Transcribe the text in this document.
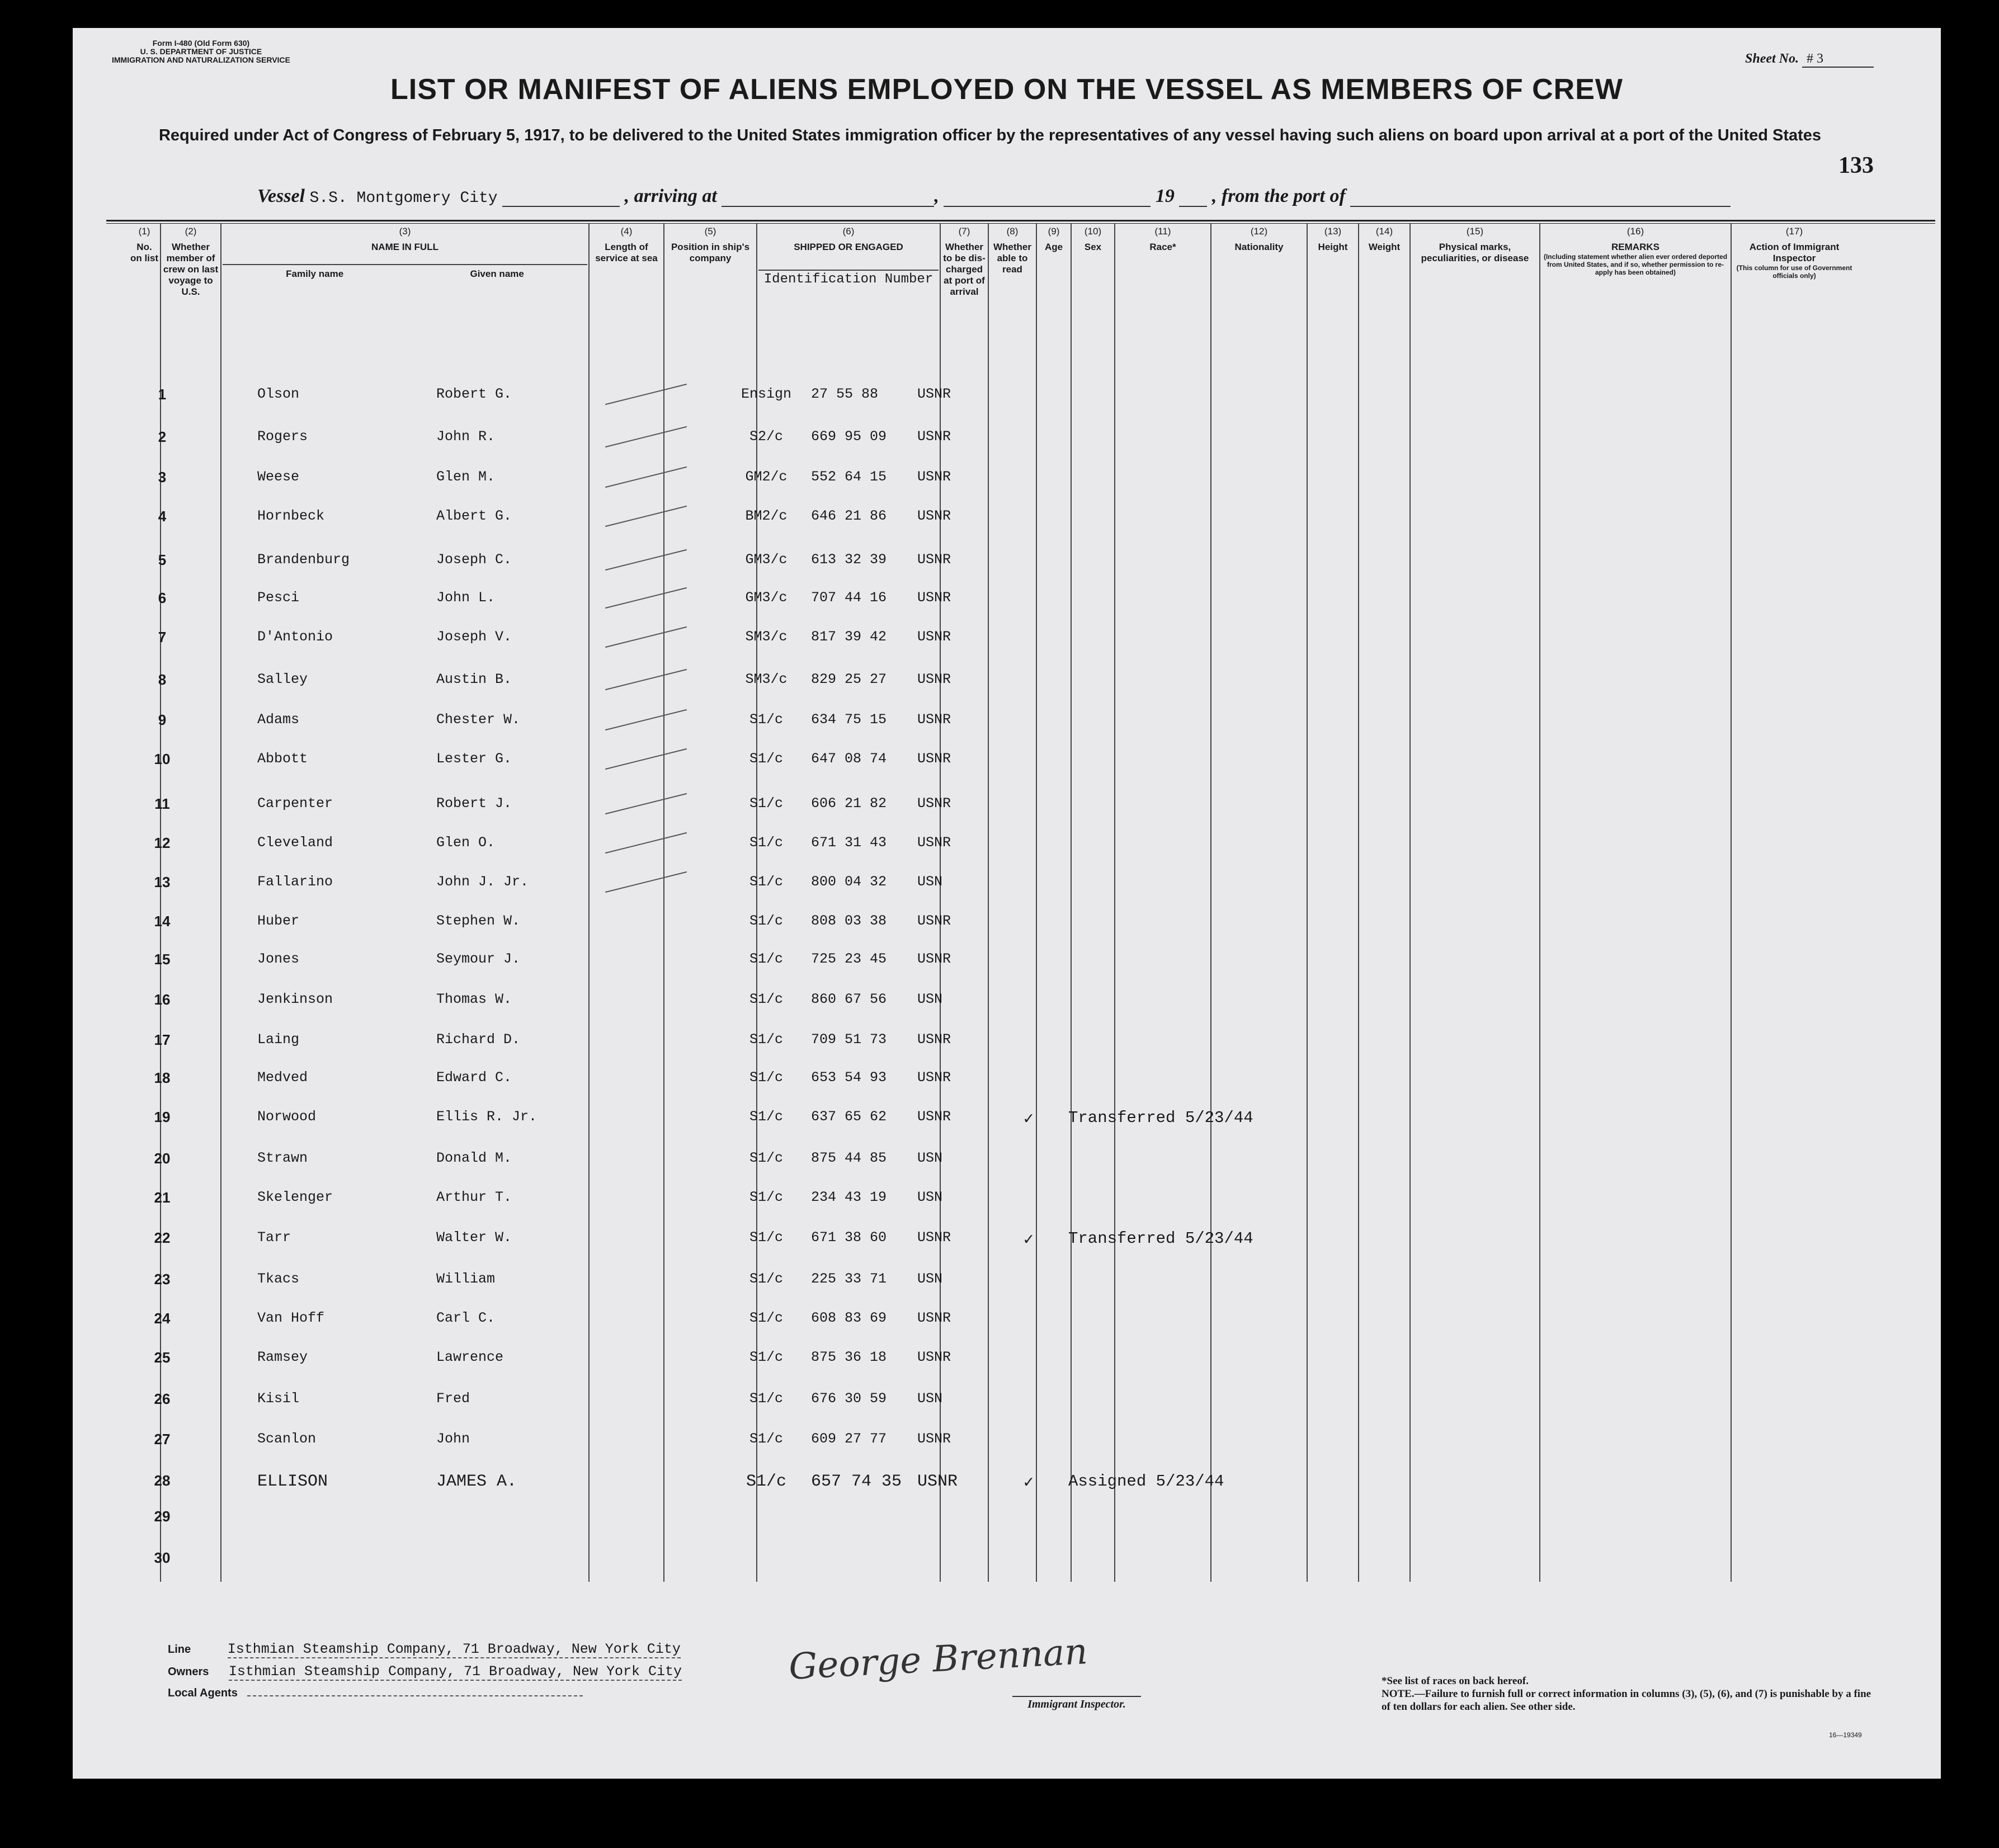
Form I-480 (Old Form 630)
U. S. DEPARTMENT OF JUSTICE
IMMIGRATION AND NATURALIZATION SERVICE	Sheet No. # 3
133
LIST OR MANIFEST OF ALIENS EMPLOYED ON THE VESSEL AS MEMBERS OF CREW
Required under Act of Congress of February 5, 1917, to be delivered to the United States immigration officer by the representatives of any vessel having such aliens on board upon arrival at a port of the United States
Vessel S.S. Montgomery City	, arriving at	,	19 , from the port of
(1)
No. on list	
(2)
Whether member of crew on last voyage to U.S.	
(3)
NAME IN FULL
Family name	Given name

(4)
Length of service at sea	
(5)
Position in ship's company	
(6)
SHIPPED OR ENGAGED
Identification Number	
(7)
Whether to be dis-charged at port of arrival	
(8)
Whether able to read	
(9)
Age	
(10)
Sex	
(11)
Race*	
(12)
Nationality	
(13)
Height	
(14)
Weight	
(15)
Physical marks, peculiarities, or disease	
(16)
REMARKS

(Including statement whether alien ever ordered deported from United States, and if so, whether permission to re-apply has been obtained)

(17)
Action of Immigrant Inspector

(This column for use of Government officials only)
1	Olson	Robert G.	Ensign	27 55 88	USNR
2	Rogers	John R.	S2/c	669 95 09 USNR
3	Weese	Glen M.	GM2/c	552 64 15 USNR
4	Hornbeck	Albert G.	BM2/c	646 21 86 USNR
5	Brandenburg	Joseph C.	GM3/c	613 32 39 USNR
6	Pesci	John L.	GM3/c	707 44 16 USNR
7	D'Antonio	Joseph V.	SM3/c	817 39 42 USNR
8	Salley	Austin B.	SM3/c	829 25 27 USNR
9	Adams	Chester W.	S1/c	634 75 15 USNR
10	Abbott	Lester G.	S1/c	647 08 74 USNR
11	Carpenter	Robert J.	S1/c	606 21 82 USNR
12	Cleveland	Glen O.	S1/c	671 31 43 USNR
13	Fallarino	John J. Jr.	S1/c	800 04 32 USN
14	Huber	Stephen W.	S1/c	808 03 38 USNR
15	Jones	Seymour J.	S1/c	725 23 45 USNR
16	Jenkinson	Thomas W.	S1/c	860 67 56 USN
17	Laing	Richard D.	S1/c	709 51 73 USNR
18	Medved	Edward C.	S1/c	653 54 93 USNR
19	Norwood	Ellis R. Jr.	S1/c	637 65 62 USNR	✓ Transferred 5/23/44
20	Strawn	Donald M.	S1/c	875 44 85 USN
21	Skelenger	Arthur T.	S1/c	234 43 19 USN
22	Tarr	Walter W.	S1/c	671 38 60 USNR	✓ Transferred 5/23/44
23	Tkacs	William	S1/c	225 33 71 USN
24	Van Hoff	Carl C.	S1/c	608 83 69 USNR
25	Ramsey	Lawrence	S1/c	875 36 18 USNR
26	Kisil	Fred	S1/c	676 30 59 USN
27	Scanlon	John	S1/c	609 27 77 USNR
28	ELLISON	JAMES A.	S1/c	657 74 35 USNR	✓ Assigned 5/23/44
29
30
Line	Isthmian Steamship Company, 71 Broadway, New York City
Owners Isthmian Steamship Company, 71 Broadway, New York City
Local Agents
George Brennan
Immigrant Inspector.
*See list of races on back hereof.
NOTE.—Failure to furnish full or correct information in columns (3), (5), (6), and (7) is punishable by a fine of ten dollars for each alien. See other side.
16—19349
